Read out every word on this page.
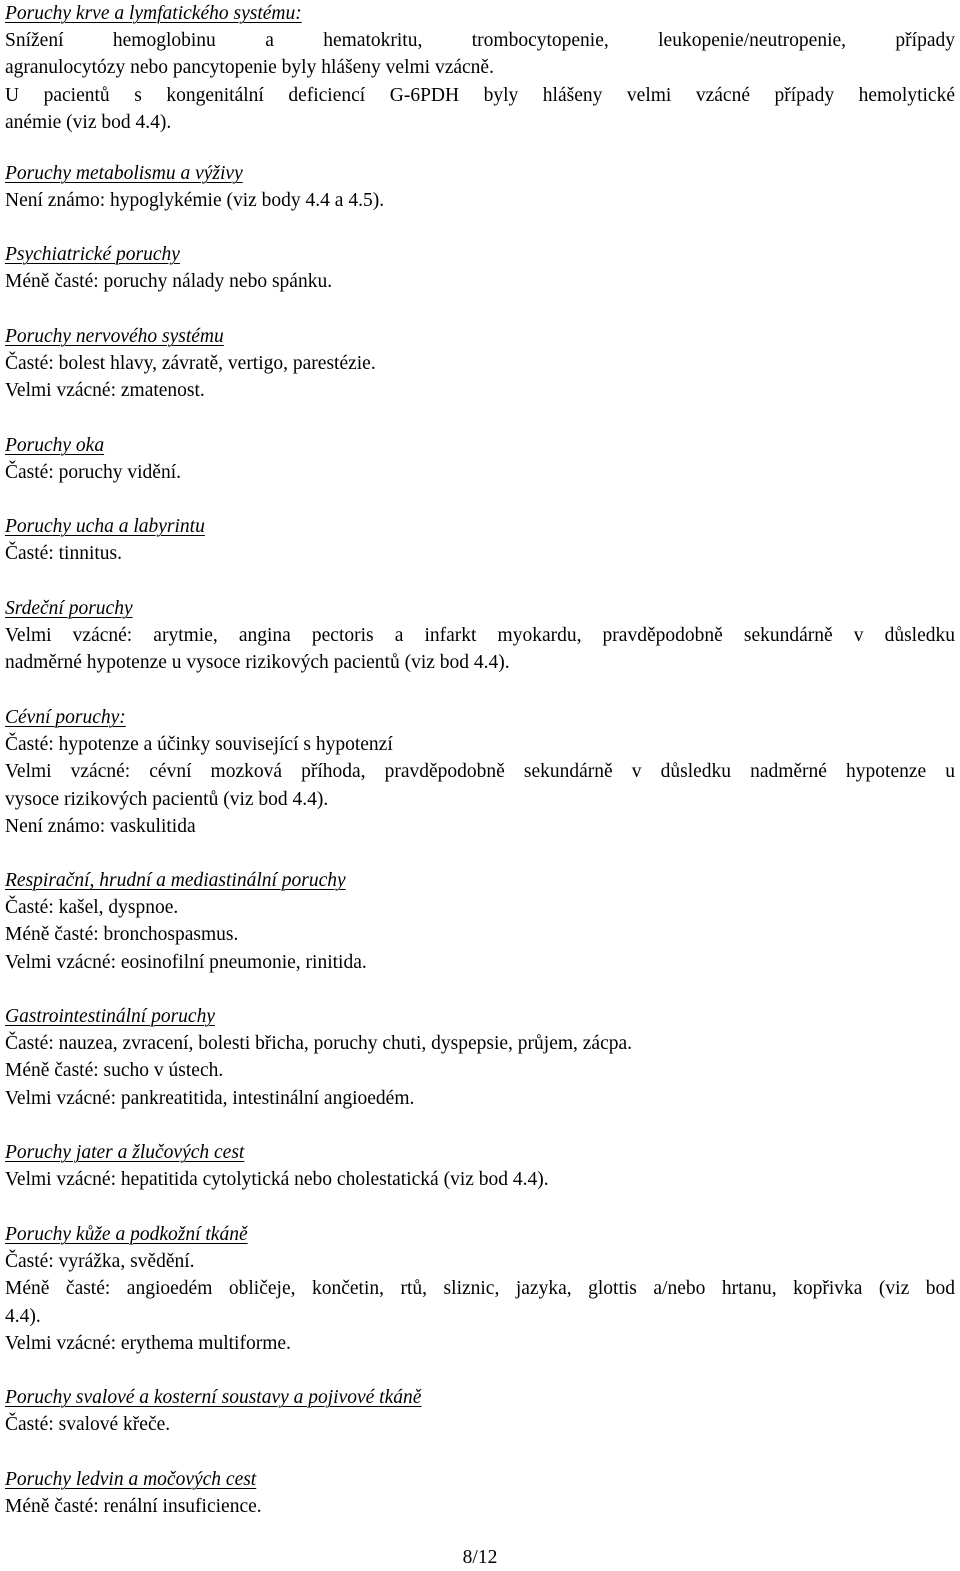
Poruchy krve a lymfatického systému:

Snížení hemoglobinu a hematokritu, trombocytopenie, leukopenie/neutropenie, případy

agranulocytózy nebo pancytopenie byly hlášeny velmi vzácně.

U pacientů s kongenitální deficiencí G-6PDH byly hlášeny velmi vzácné případy hemolytické

anémie (viz bod 4.4).

Poruchy metabolismu a výživy

Není známo: hypoglykémie (viz body 4.4 a 4.5).

Psychiatrické poruchy

Méně časté: poruchy nálady nebo spánku.

Poruchy nervového systému

Časté: bolest hlavy, závratě, vertigo, parestézie.

Velmi vzácné: zmatenost.

Poruchy oka

Časté: poruchy vidění.

Poruchy ucha a labyrintu

Časté: tinnitus.

Srdeční poruchy

Velmi vzácné: arytmie, angina pectoris a infarkt myokardu, pravděpodobně sekundárně v důsledku

nadměrné hypotenze u vysoce rizikových pacientů (viz bod 4.4).

Cévní poruchy:

Časté: hypotenze a účinky související s hypotenzí

Velmi vzácné: cévní mozková příhoda, pravděpodobně sekundárně v důsledku nadměrné hypotenze u

vysoce rizikových pacientů (viz bod 4.4).

Není známo: vaskulitida

Respirační, hrudní a mediastinální poruchy

Časté: kašel, dyspnoe.

Méně časté: bronchospasmus.

Velmi vzácné: eosinofilní pneumonie, rinitida.

Gastrointestinální poruchy

Časté: nauzea, zvracení, bolesti břicha, poruchy chuti, dyspepsie, průjem, zácpa.

Méně časté: sucho v ústech.

Velmi vzácné: pankreatitida, intestinální angioedém.

Poruchy jater a žlučových cest

Velmi vzácné: hepatitida cytolytická nebo cholestatická (viz bod 4.4).

Poruchy kůže a podkožní tkáně

Časté: vyrážka, svědění.

Méně časté: angioedém obličeje, končetin, rtů, sliznic, jazyka, glottis a/nebo hrtanu, kopřivka (viz bod

4.4).

Velmi vzácné: erythema multiforme.

Poruchy svalové a kosterní soustavy a pojivové tkáně

Časté: svalové křeče.

Poruchy ledvin a močových cest

Méně časté: renální insuficience.

8/12
